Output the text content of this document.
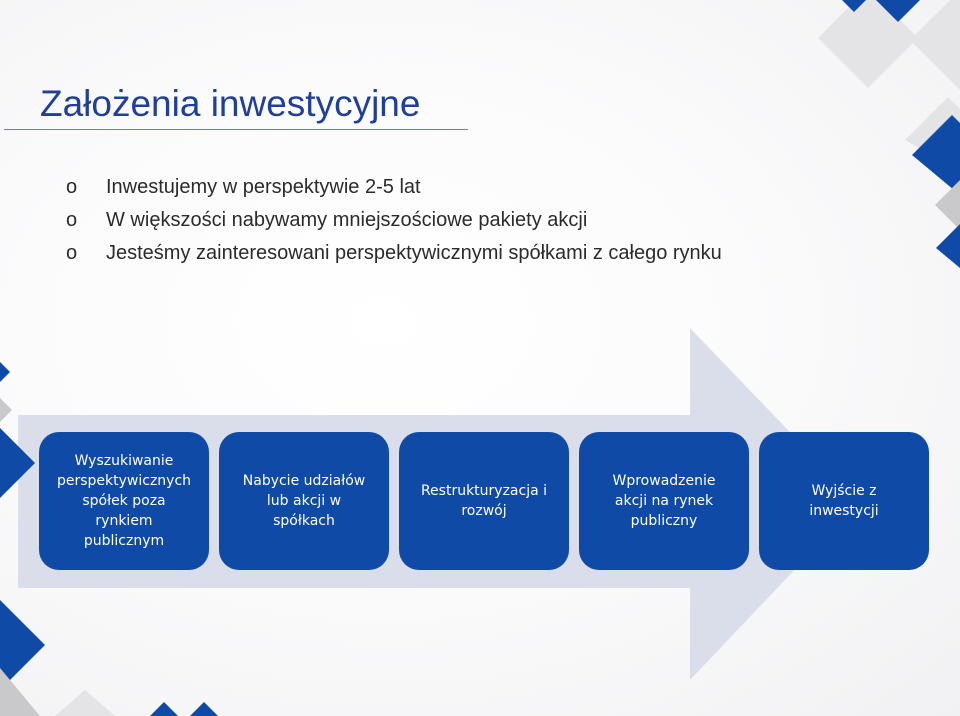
Założenia inwestycyjne
o Inwestujemy w perspektywie 2-5 lat
o W większości nabywamy mniejszościowe pakiety akcji
o Jesteśmy zainteresowani perspektywicznymi spółkami z całego rynku
Wyszukiwanie
perspektywicznych
spółek poza
rynkiem
publicznym
Nabycie udziałów
lub akcji w
spółkach
Restrukturyzacja i
rozwój
Wprowadzenie
akcji na rynek
publiczny
Wyjście z
inwestycji
